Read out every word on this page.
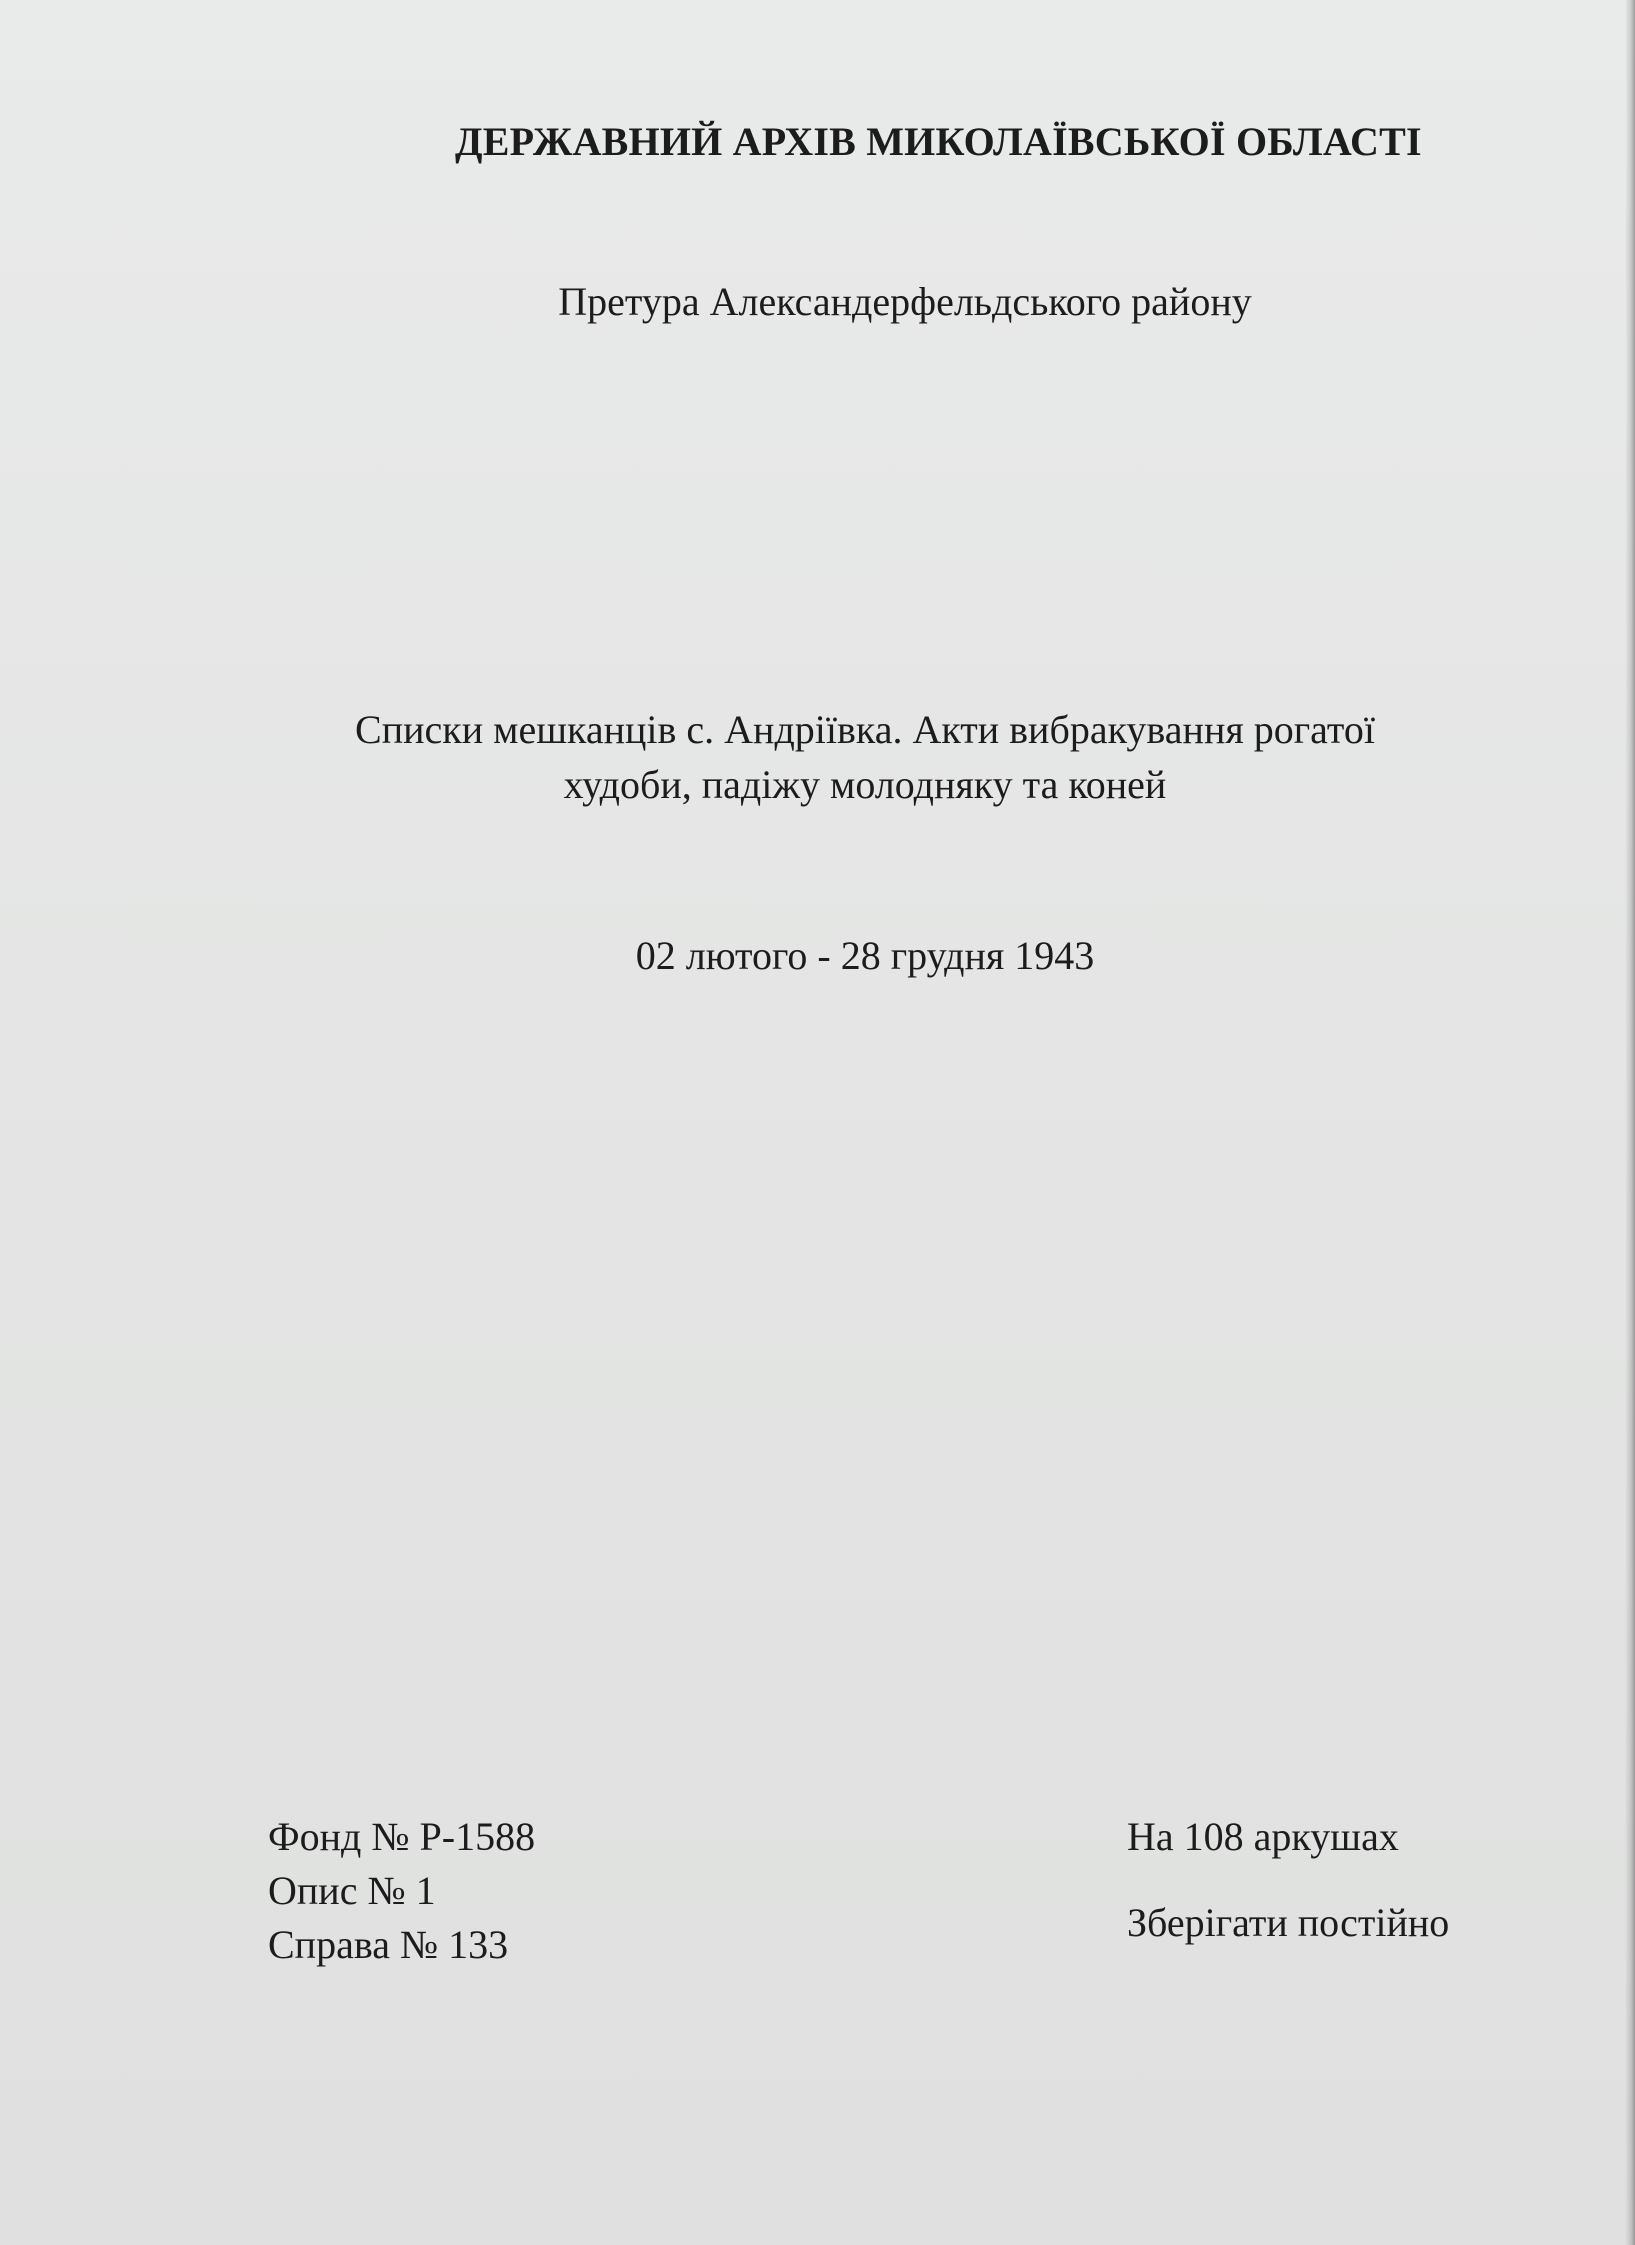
ДЕРЖАВНИЙ АРХІВ МИКОЛАЇВСЬКОЇ ОБЛАСТІ
Претура Александерфельдського району
Списки мешканців с. Андріївка. Акти вибракування рогатої
худоби, падіжу молодняку та коней
02 лютого - 28 грудня 1943
Фонд № Р-1588
Опис № 1
Справа № 133
На 108 аркушах
Зберігати постійно
